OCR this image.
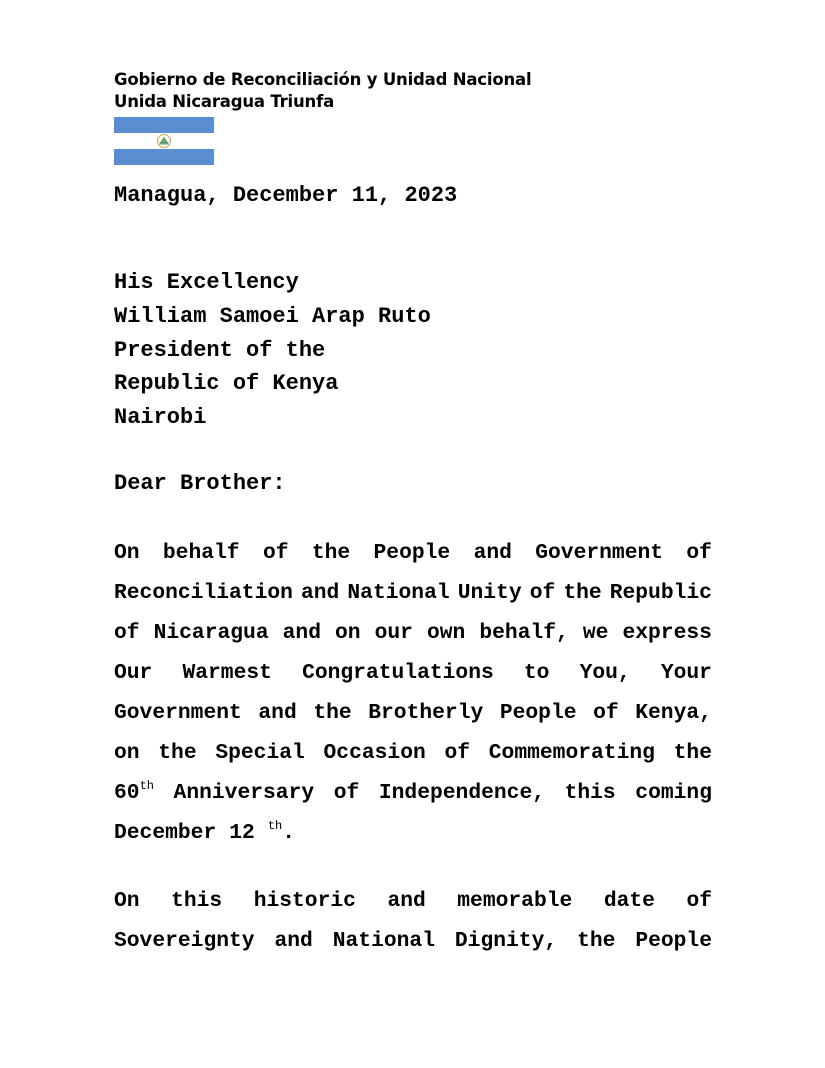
Gobierno de Reconciliación y Unidad Nacional
Unida Nicaragua Triunfa
Managua, December 11, 2023
His Excellency
William Samoei Arap Ruto
President of the
Republic of Kenya
Nairobi
Dear Brother:
On behalf of the People and Government of
Reconciliation and National Unity of the Republic
of Nicaragua and on our own behalf, we express
Our Warmest Congratulations to You, Your
Government and the Brotherly People of Kenya,
on the Special Occasion of Commemorating the
60th Anniversary of Independence, this coming
December 12 $^{th}$.
On this historic and memorable date of
Sovereignty and National Dignity, the People
